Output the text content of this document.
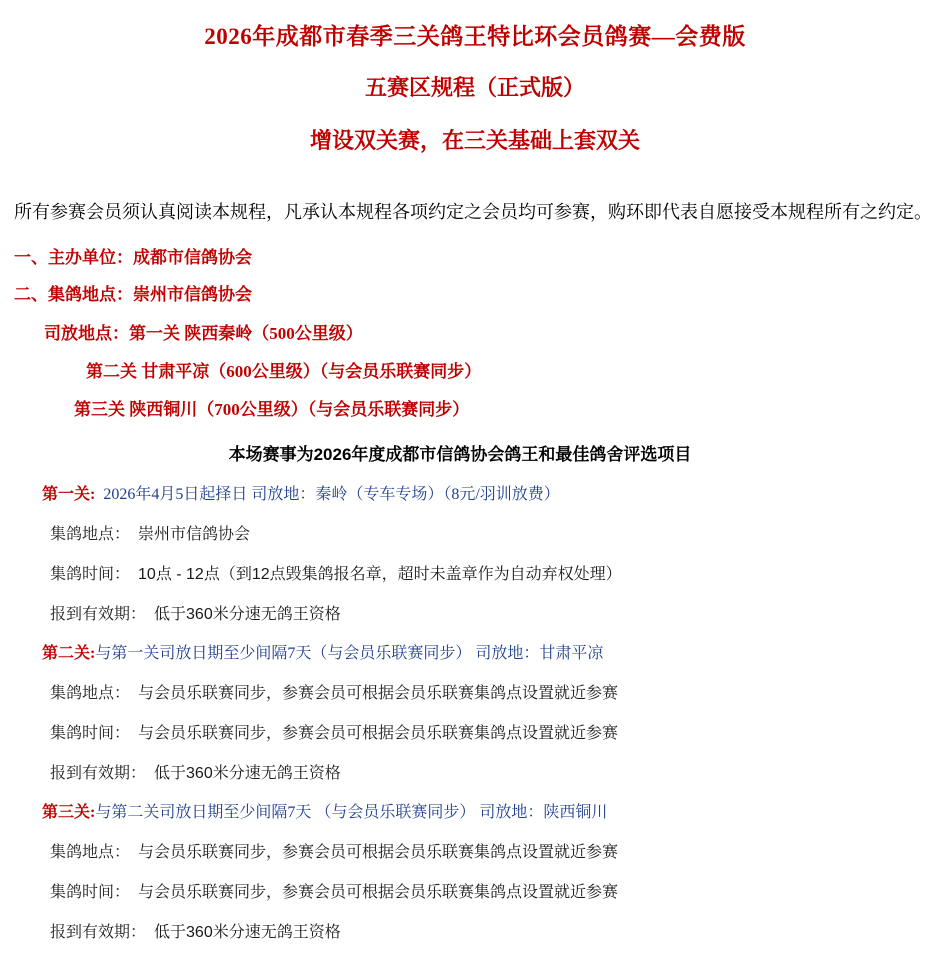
2026年成都市春季三关鸽王特比环会员鸽赛—会费版
五赛区规程（正式版）
增设双关赛，在三关基础上套双关
所有参赛会员须认真阅读本规程，凡承认本规程各项约定之会员均可参赛，购环即代表自愿接受本规程所有之约定。
一、主办单位：成都市信鸽协会
二、集鸽地点：崇州市信鸽协会
司放地点：第一关 陕西秦岭（500公里级）
第二关 甘肃平凉（600公里级）（与会员乐联赛同步）
第三关 陕西铜川（700公里级）（与会员乐联赛同步）
本场赛事为2026年度成都市信鸽协会鸽王和最佳鸽舍评选项目
第一关: 2026年4月5日起择日 司放地：秦岭（专车专场）（8元/羽训放费）
集鸽地点： 崇州市信鸽协会
集鸽时间： 10点 - 12点（到12点毁集鸽报名章，超时未盖章作为自动弃权处理）
报到有效期： 低于360米分速无鸽王资格
第二关:与第一关司放日期至少间隔7天（与会员乐联赛同步） 司放地：甘肃平凉
集鸽地点： 与会员乐联赛同步，参赛会员可根据会员乐联赛集鸽点设置就近参赛
集鸽时间： 与会员乐联赛同步，参赛会员可根据会员乐联赛集鸽点设置就近参赛
报到有效期： 低于360米分速无鸽王资格
第三关:与第二关司放日期至少间隔7天 （与会员乐联赛同步） 司放地：陕西铜川
集鸽地点： 与会员乐联赛同步，参赛会员可根据会员乐联赛集鸽点设置就近参赛
集鸽时间： 与会员乐联赛同步，参赛会员可根据会员乐联赛集鸽点设置就近参赛
报到有效期： 低于360米分速无鸽王资格
